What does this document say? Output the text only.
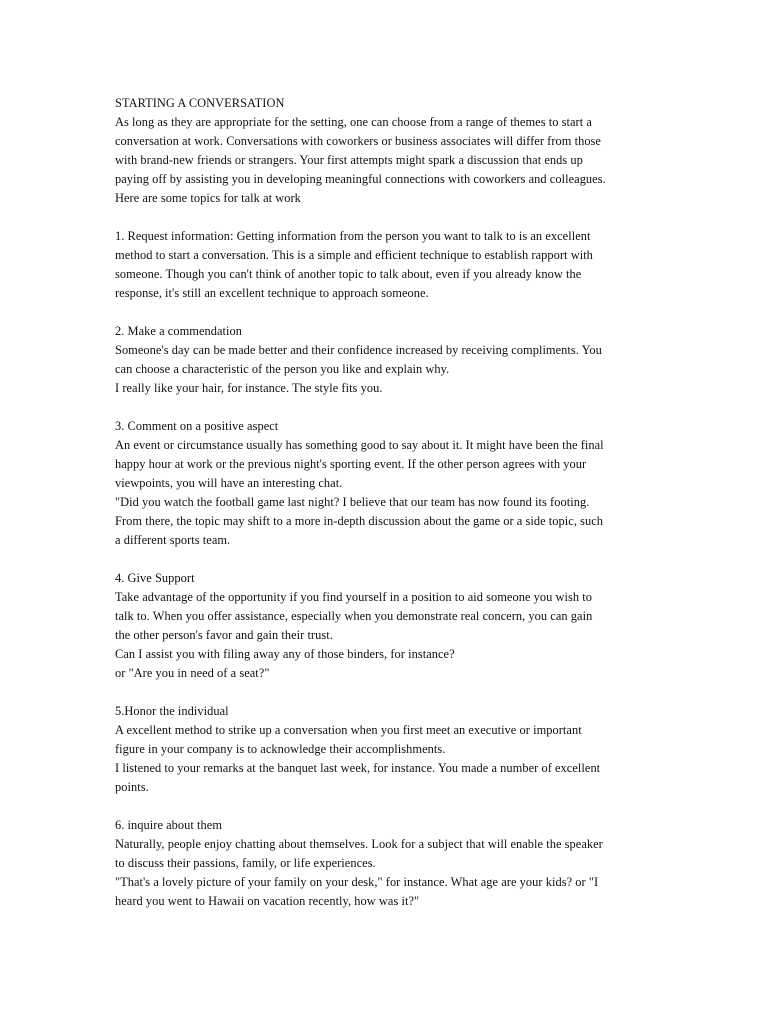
STARTING A CONVERSATION
As long as they are appropriate for the setting, one can choose from a range of themes to start a
conversation at work. Conversations with coworkers or business associates will differ from those
with brand-new friends or strangers. Your first attempts might spark a discussion that ends up
paying off by assisting you in developing meaningful connections with coworkers and colleagues.
Here are some topics for talk at work
1. Request information: Getting information from the person you want to talk to is an excellent
method to start a conversation. This is a simple and efficient technique to establish rapport with
someone. Though you can't think of another topic to talk about, even if you already know the
response, it's still an excellent technique to approach someone.
2. Make a commendation
Someone's day can be made better and their confidence increased by receiving compliments. You
can choose a characteristic of the person you like and explain why.
I really like your hair, for instance. The style fits you.
3. Comment on a positive aspect
An event or circumstance usually has something good to say about it. It might have been the final
happy hour at work or the previous night's sporting event. If the other person agrees with your
viewpoints, you will have an interesting chat.
"Did you watch the football game last night? I believe that our team has now found its footing.
From there, the topic may shift to a more in-depth discussion about the game or a side topic, such
a different sports team.
4. Give Support
Take advantage of the opportunity if you find yourself in a position to aid someone you wish to
talk to. When you offer assistance, especially when you demonstrate real concern, you can gain
the other person's favor and gain their trust.
Can I assist you with filing away any of those binders, for instance?
or "Are you in need of a seat?"
5.Honor the individual
A excellent method to strike up a conversation when you first meet an executive or important
figure in your company is to acknowledge their accomplishments.
I listened to your remarks at the banquet last week, for instance. You made a number of excellent
points.
6. inquire about them
Naturally, people enjoy chatting about themselves. Look for a subject that will enable the speaker
to discuss their passions, family, or life experiences.
"That's a lovely picture of your family on your desk," for instance. What age are your kids? or "I
heard you went to Hawaii on vacation recently, how was it?"
